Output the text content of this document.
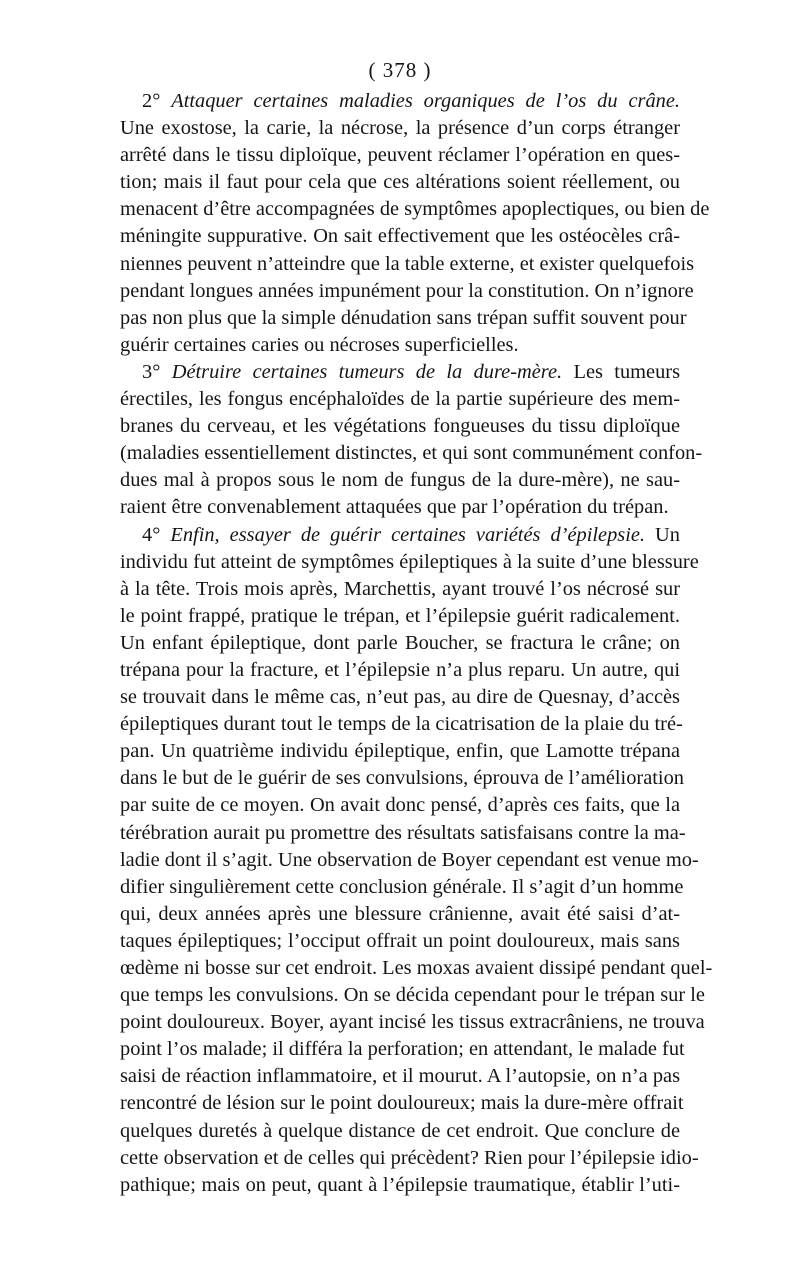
( 378 )
2° Attaquer certaines maladies organiques de l’os du crâne.
Une exostose, la carie, la nécrose, la présence d’un corps étranger
arrêté dans le tissu diploïque, peuvent réclamer l’opération en ques-
tion; mais il faut pour cela que ces altérations soient réellement, ou
menacent d’être accompagnées de symptômes apoplectiques, ou bien de
méningite suppurative. On sait effectivement que les ostéocèles crâ-
niennes peuvent n’atteindre que la table externe, et exister quelquefois
pendant longues années impunément pour la constitution. On n’ignore
pas non plus que la simple dénudation sans trépan suffit souvent pour
guérir certaines caries ou nécroses superficielles.
3° Détruire certaines tumeurs de la dure-mère. Les tumeurs
érectiles, les fongus encéphaloïdes de la partie supérieure des mem-
branes du cerveau, et les végétations fongueuses du tissu diploïque
(maladies essentiellement distinctes, et qui sont communément confon-
dues mal à propos sous le nom de fungus de la dure-mère), ne sau-
raient être convenablement attaquées que par l’opération du trépan.
4° Enfin, essayer de guérir certaines variétés d’épilepsie. Un
individu fut atteint de symptômes épileptiques à la suite d’une blessure
à la tête. Trois mois après, Marchettis, ayant trouvé l’os nécrosé sur
le point frappé, pratique le trépan, et l’épilepsie guérit radicalement.
Un enfant épileptique, dont parle Boucher, se fractura le crâne; on
trépana pour la fracture, et l’épilepsie n’a plus reparu. Un autre, qui
se trouvait dans le même cas, n’eut pas, au dire de Quesnay, d’accès
épileptiques durant tout le temps de la cicatrisation de la plaie du tré-
pan. Un quatrième individu épileptique, enfin, que Lamotte trépana
dans le but de le guérir de ses convulsions, éprouva de l’amélioration
par suite de ce moyen. On avait donc pensé, d’après ces faits, que la
térébration aurait pu promettre des résultats satisfaisans contre la ma-
ladie dont il s’agit. Une observation de Boyer cependant est venue mo-
difier singulièrement cette conclusion générale. Il s’agit d’un homme
qui, deux années après une blessure crânienne, avait été saisi d’at-
taques épileptiques; l’occiput offrait un point douloureux, mais sans
œdème ni bosse sur cet endroit. Les moxas avaient dissipé pendant quel-
que temps les convulsions. On se décida cependant pour le trépan sur le
point douloureux. Boyer, ayant incisé les tissus extracrâniens, ne trouva
point l’os malade; il différa la perforation; en attendant, le malade fut
saisi de réaction inflammatoire, et il mourut. A l’autopsie, on n’a pas
rencontré de lésion sur le point douloureux; mais la dure-mère offrait
quelques duretés à quelque distance de cet endroit. Que conclure de
cette observation et de celles qui précèdent? Rien pour l’épilepsie idio-
pathique; mais on peut, quant à l’épilepsie traumatique, établir l’uti-
